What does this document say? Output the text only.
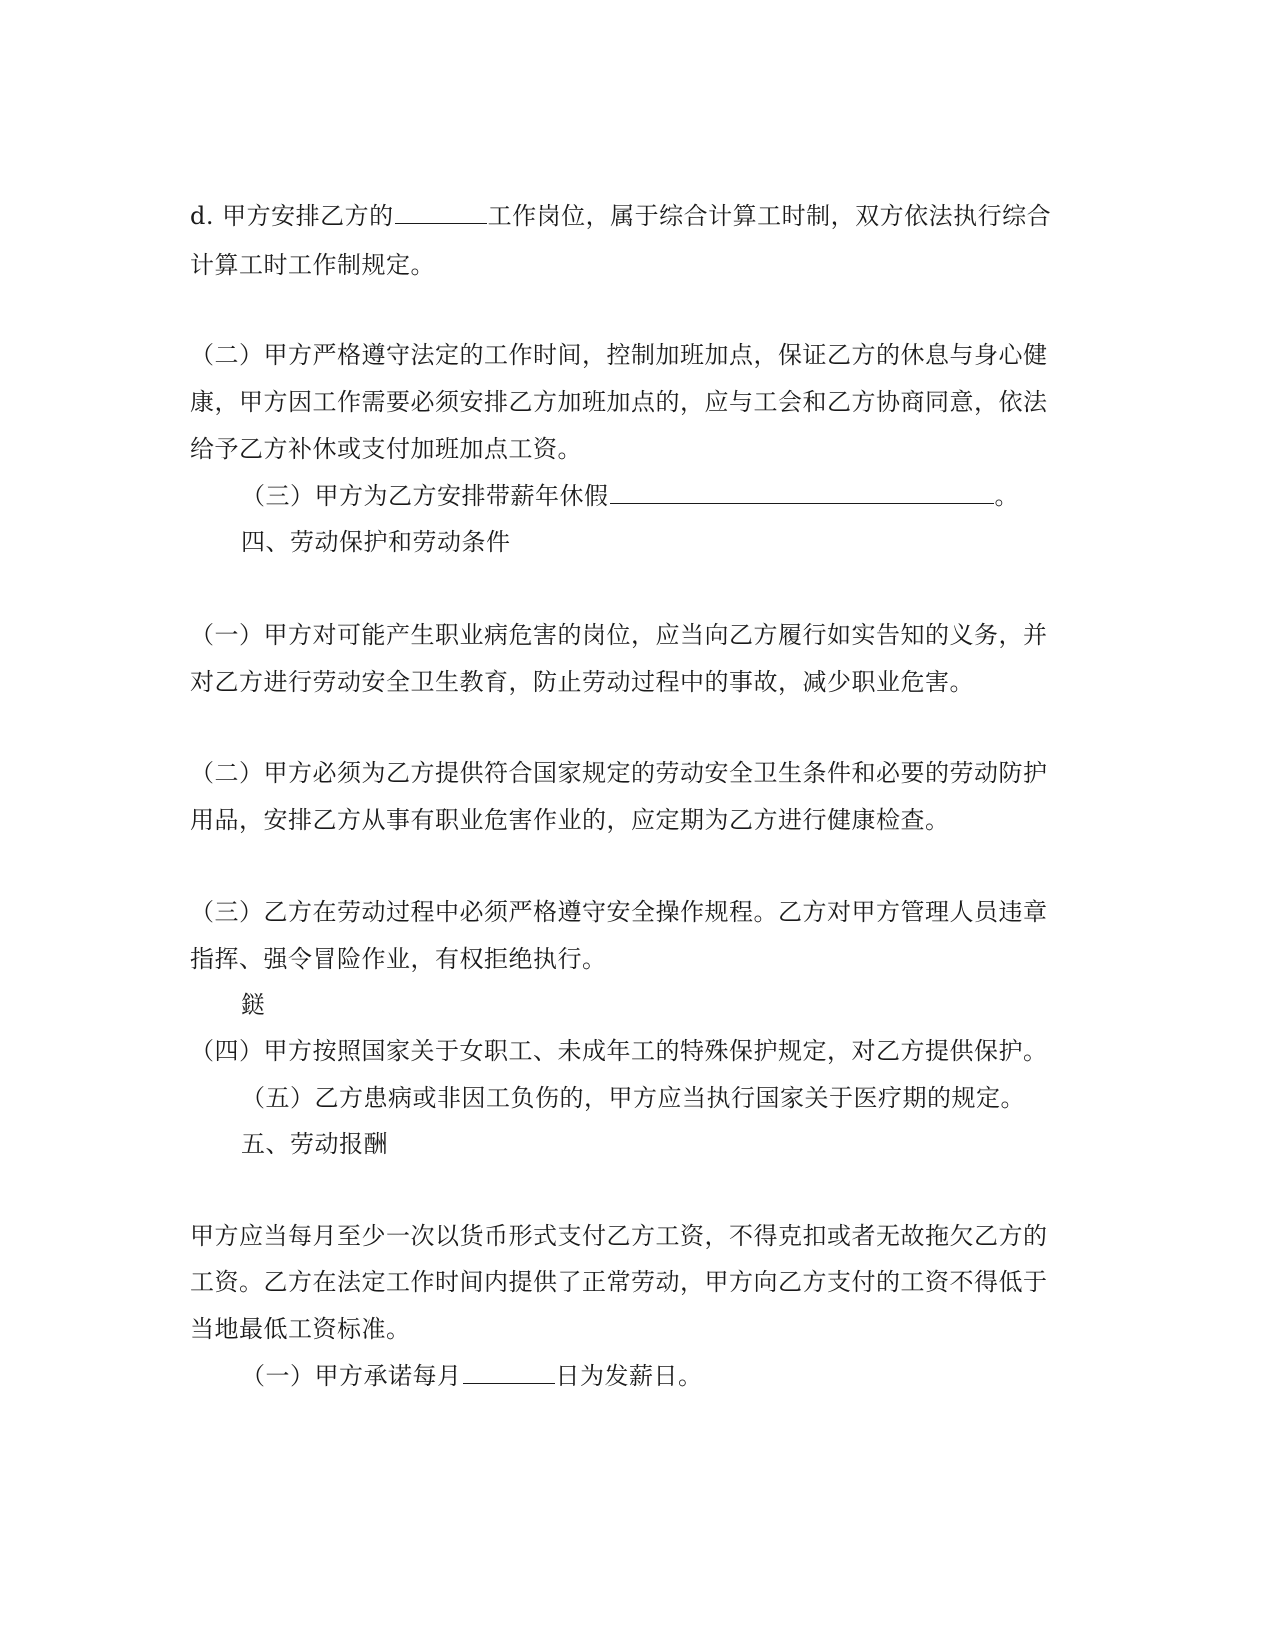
d. 甲方安排乙方的	工作岗位，属于综合计算工时制，双方依法执行综合
计算工时工作制规定。
（二）甲方严格遵守法定的工作时间，控制加班加点，保证乙方的休息与身心健
康，甲方因工作需要必须安排乙方加班加点的，应与工会和乙方协商同意，依法
给予乙方补休或支付加班加点工资。
（三）甲方为乙方安排带薪年休假	。
四、劳动保护和劳动条件
（一）甲方对可能产生职业病危害的岗位，应当向乙方履行如实告知的义务，并
对乙方进行劳动安全卫生教育，防止劳动过程中的事故，减少职业危害。
（二）甲方必须为乙方提供符合国家规定的劳动安全卫生条件和必要的劳动防护
用品，安排乙方从事有职业危害作业的，应定期为乙方进行健康检查。
（三）乙方在劳动过程中必须严格遵守安全操作规程。乙方对甲方管理人员违章
指挥、强令冒险作业，有权拒绝执行。
鎹
（四）甲方按照国家关于女职工、未成年工的特殊保护规定，对乙方提供保护。
（五）乙方患病或非因工负伤的，甲方应当执行国家关于医疗期的规定。
五、劳动报酬
甲方应当每月至少一次以货币形式支付乙方工资，不得克扣或者无故拖欠乙方的
工资。乙方在法定工作时间内提供了正常劳动，甲方向乙方支付的工资不得低于
当地最低工资标准。
（一）甲方承诺每月	日为发薪日。
